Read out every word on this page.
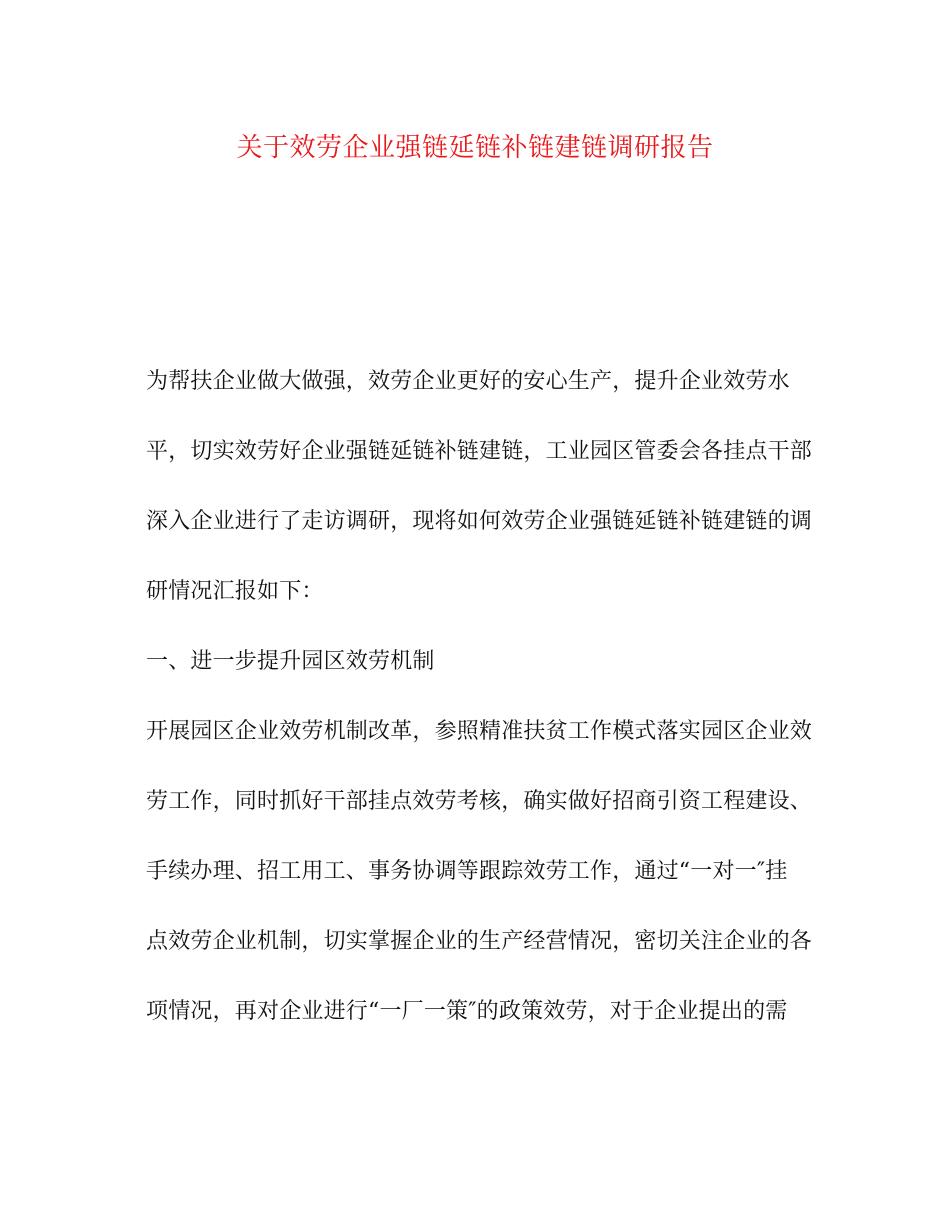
关于效劳企业强链延链补链建链调研报告
为帮扶企业做大做强，效劳企业更好的安心生产，提升企业效劳水
平，切实效劳好企业强链延链补链建链，工业园区管委会各挂点干部
深入企业进行了走访调研，现将如何效劳企业强链延链补链建链的调
研情况汇报如下：
一、进一步提升园区效劳机制
开展园区企业效劳机制改革，参照精准扶贫工作模式落实园区企业效
劳工作，同时抓好干部挂点效劳考核，确实做好招商引资工程建设、
手续办理、招工用工、事务协调等跟踪效劳工作，通过“一对一″挂
点效劳企业机制，切实掌握企业的生产经营情况，密切关注企业的各
项情况，再对企业进行“一厂一策″的政策效劳，对于企业提出的需
